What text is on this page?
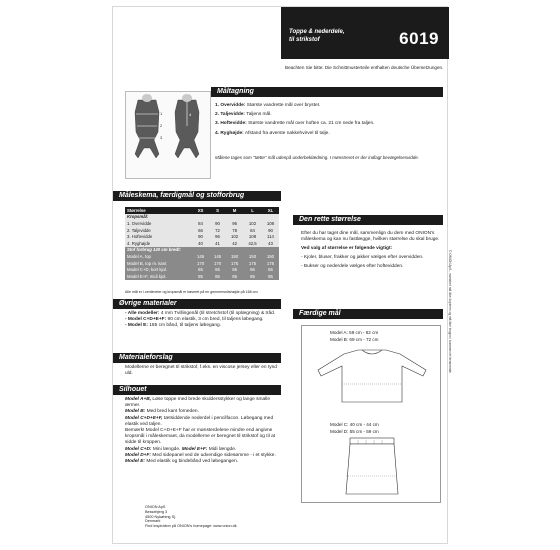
Toppe & nederdele,
til strikstof	6019
Beachten Sie bitte: Die Schnittmusterteile enthalten deutsche Übersetzungen.
Måltagning
1
2
3
4

1. Overvidde: Største vandrette mål over brystet.

2. Taljevidde: Taljens mål.

3. Hoftevidde: Største vandrette mål over hoften ca. 21 cm nede fra taljen.

4. Ryghøjde: Afstand fra øverste nakkehvirvel til talje.

Målene tages som "tætte" mål udenpå underbeklædning. I mønstreret er der indlagt bevægelsesvidde.
Måleskema, færdigmål og stofforbrug
Størrelse	XS	S	M	L	XL
Kropsmål:					
1. Overvidde	84	90	96	102	108
2. Taljevidde	66	72	78	84	90
3. Hoftevidde	90	96	102	108	114
4. Ryghøjde	40	41	42	42,5	43
Stof forbrug 140 cm bredt:					
Model A, top	145	145	150	150	150
Model B, top m. kant	170	170	175	175	175
Model C+D, kort kjol.	65	65	65	65	65
Model E+F, midi kjol.	85	85	85	85	85
Alle mål er i centimeter og kropsmål er baseret på en gennemsnitshøjde på 168 cm.
Øvrige materialer
- Alle modeller: 4 mm Tvillingenål (til stretchstof (til oplægning) & tråd.
- Model C+D+E+F: 90 cm elastik, 3 cm bred, til taljens løbegang.
- Model E: 185 cm bånd, til taljens løbegang.
Materialeforslag
Modellerne er beregnet til strikstof, f.eks. en viscose jersey eller en tynd uld.
Silhouet
Model A+B, Løse toppe med brede skuldersstykker og lange smalle ærmer.
Model B: Med bred kant forneden.
Model C+D+E+F, tætsiddende nederdel i pencilfacon. Løbegang med elastik ved taljen.
Bemærk! Model C+D+E+F har er mønsterdelene mindre end angivne kropsmål i måleskemaet, da modellerne er beregnet til strikstof og til at sidde til kroppen.
Model C+D: Mini længde. Model E+F: Midi længde.
Model D+F: Med sidepanel ved de udvendige sidesømme - i et stykke.
Model E: Med elastik og bindebånd ved løbegangen.
Den rette størrelse
Efter du har taget dine mål, sammenlign du dem med ONION's måleskema og kan nu fastlægge, hvilken størrelse du skal bruge.
Ved valg af størrelse er følgende vigtigt:
- Kjoler, bluser, frakker og jakker vælges efter overvidden.
- Bukser og nederdele vælges efter hoftevidden.
Færdige mål
Model A: 59 cm - 62 cm
Model B: 69 cm - 72 cm
Model C: 40 cm - 44 cm
Model D: 55 cm - 59 cm
ONION ApS
Bessebjerg 3
4500 Nykøbing Sj.
Denmark
Find inspiration på ONION's homepage: www.onion.dk
© ONION ApS - mønstret må ikke kopieres og må ikke bruges i kommerciel henseende
